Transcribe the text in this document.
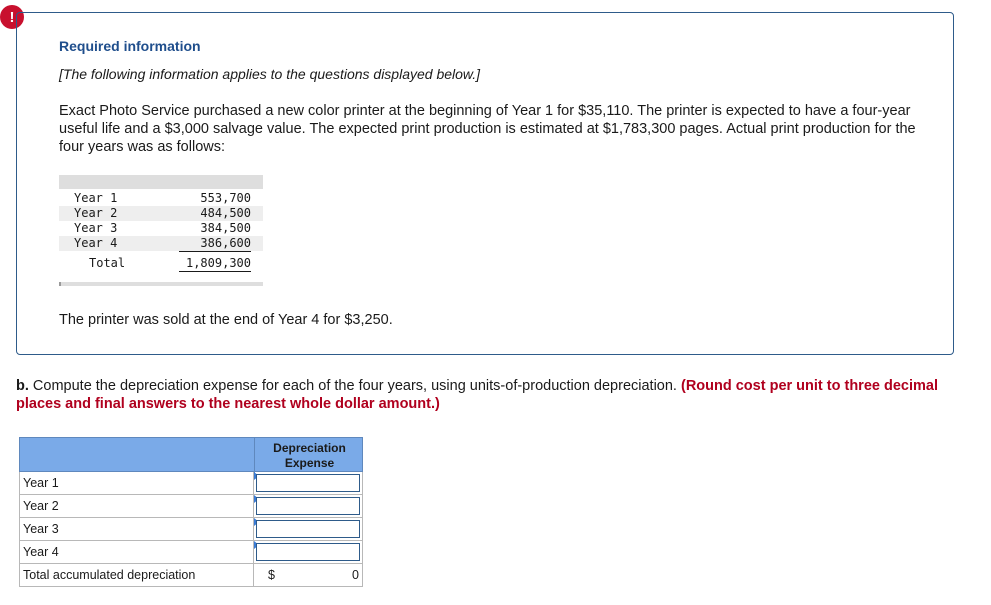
!
Required information
[The following information applies to the questions displayed below.]
Exact Photo Service purchased a new color printer at the beginning of Year 1 for $35,110. The printer is expected to have a four-year useful life and a $3,000 salvage value. The expected print production is estimated at $1,783,300 pages. Actual print production for the four years was as follows:
Year 1	553,700
Year 2	484,500
Year 3	384,500
Year 4	386,600
Total	1,809,300
The printer was sold at the end of Year 4 for $3,250.
b. Compute the depreciation expense for each of the four years, using units-of-production depreciation. (Round cost per unit to three decimal places and final answers to the nearest whole dollar amount.)
Depreciation Expense
Year 1
Year 2
Year 3
Year 4
Total accumulated depreciation	$	0
